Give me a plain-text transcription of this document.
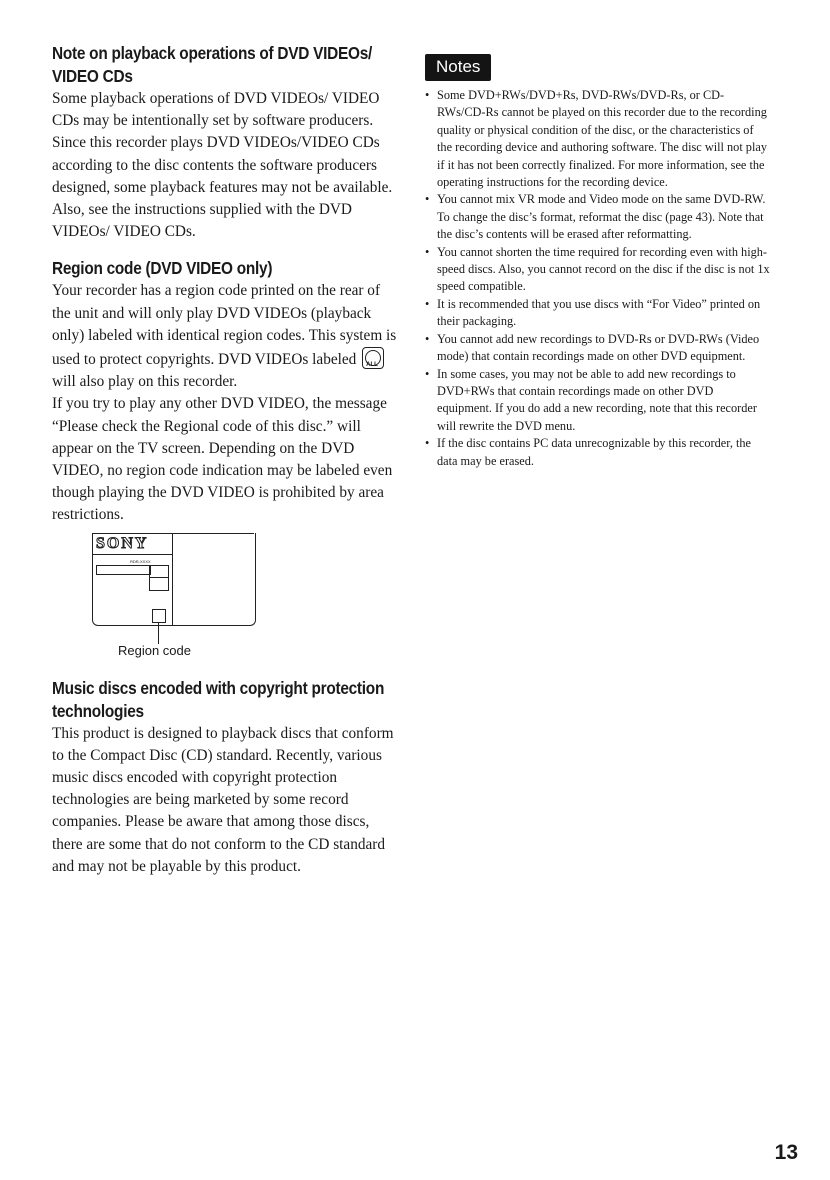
Note on playback operations of DVD VIDEOs/
VIDEO CDs

Some playback operations of DVD VIDEOs/ VIDEO CDs may be intentionally set by software producers. Since this recorder plays DVD VIDEOs/VIDEO CDs according to the disc contents the software producers designed, some playback features may not be available. Also, see the instructions supplied with the DVD VIDEOs/ VIDEO CDs.

Region code (DVD VIDEO only)

Your recorder has a region code printed on the rear of the unit and will only play DVD VIDEOs (playback only) labeled with identical region codes. This system is used to protect copyrights. DVD VIDEOs labeled ALL
will also play on this recorder.

If you try to play any other DVD VIDEO, the message “Please check the Regional code of this disc.” will appear on the TV screen. Depending on the DVD VIDEO, no region code indication may be labeled even though playing the DVD VIDEO is prohibited by area restrictions.

SONY
RDR-XXXX
Region code
Music discs encoded with copyright protection
technologies

This product is designed to playback discs that conform to the Compact Disc (CD) standard. Recently, various music discs encoded with copyright protection technologies are being marketed by some record companies. Please be aware that among those discs, there are some that do not conform to the CD standard and may not be playable by this product.

Notes
• Some DVD+RWs/DVD+Rs, DVD-RWs/DVD-Rs, or CD-RWs/CD-Rs cannot be played on this recorder due to the recording quality or physical condition of the disc, or the characteristics of the recording device and authoring software. The disc will not play if it has not been correctly finalized. For more information, see the operating instructions for the recording device.
• You cannot mix VR mode and Video mode on the same DVD-RW. To change the disc’s format, reformat the disc (page 43). Note that the disc’s contents will be erased after reformatting.
• You cannot shorten the time required for recording even with high-speed discs. Also, you cannot record on the disc if the disc is not 1x speed compatible.
• It is recommended that you use discs with “For Video” printed on their packaging.
• You cannot add new recordings to DVD-Rs or DVD-RWs (Video mode) that contain recordings made on other DVD equipment.
• In some cases, you may not be able to add new recordings to DVD+RWs that contain recordings made on other DVD equipment. If you do add a new recording, note that this recorder will rewrite the DVD menu.
• If the disc contains PC data unrecognizable by this recorder, the data may be erased.
13
